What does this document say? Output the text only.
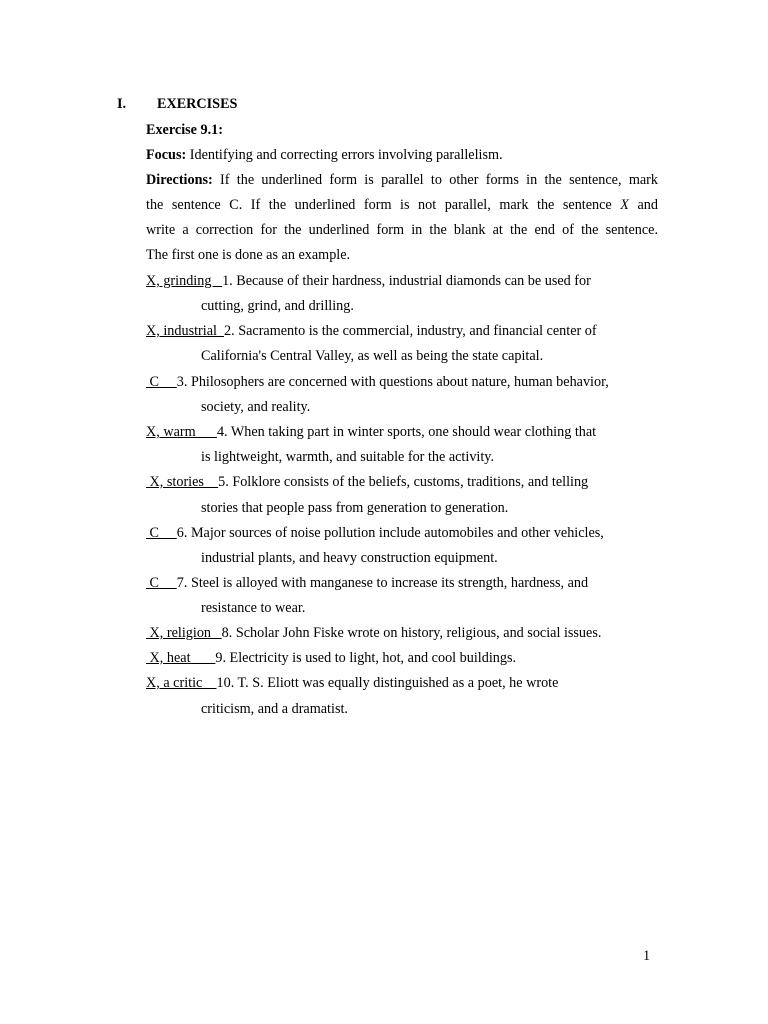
I. EXERCISES
Exercise 9.1:
Focus: Identifying and correcting errors involving parallelism.
Directions: If the underlined form is parallel to other forms in the sentence, mark
the sentence C. If the underlined form is not parallel, mark the sentence X and
write a correction for the underlined form in the blank at the end of the sentence.
The first one is done as an example.
X, grinding   1. Because of their hardness, industrial diamonds can be used for
cutting, grind, and drilling.
X, industrial  2. Sacramento is the commercial, industry, and financial center of
California's Central Valley, as well as being the state capital.
C     3. Philosophers are concerned with questions about nature, human behavior,
society, and reality.
X, warm      4. When taking part in winter sports, one should wear clothing that
is lightweight, warmth, and suitable for the activity.
X, stories    5. Folklore consists of the beliefs, customs, traditions, and telling
stories that people pass from generation to generation.
C     6. Major sources of noise pollution include automobiles and other vehicles,
industrial plants, and heavy construction equipment.
C     7. Steel is alloyed with manganese to increase its strength, hardness, and
resistance to wear.
X, religion   8. Scholar John Fiske wrote on history, religious, and social issues.
X, heat       9. Electricity is used to light, hot, and cool buildings.
X, a critic    10. T. S. Eliott was equally distinguished as a poet, he wrote
criticism, and a dramatist.
1
